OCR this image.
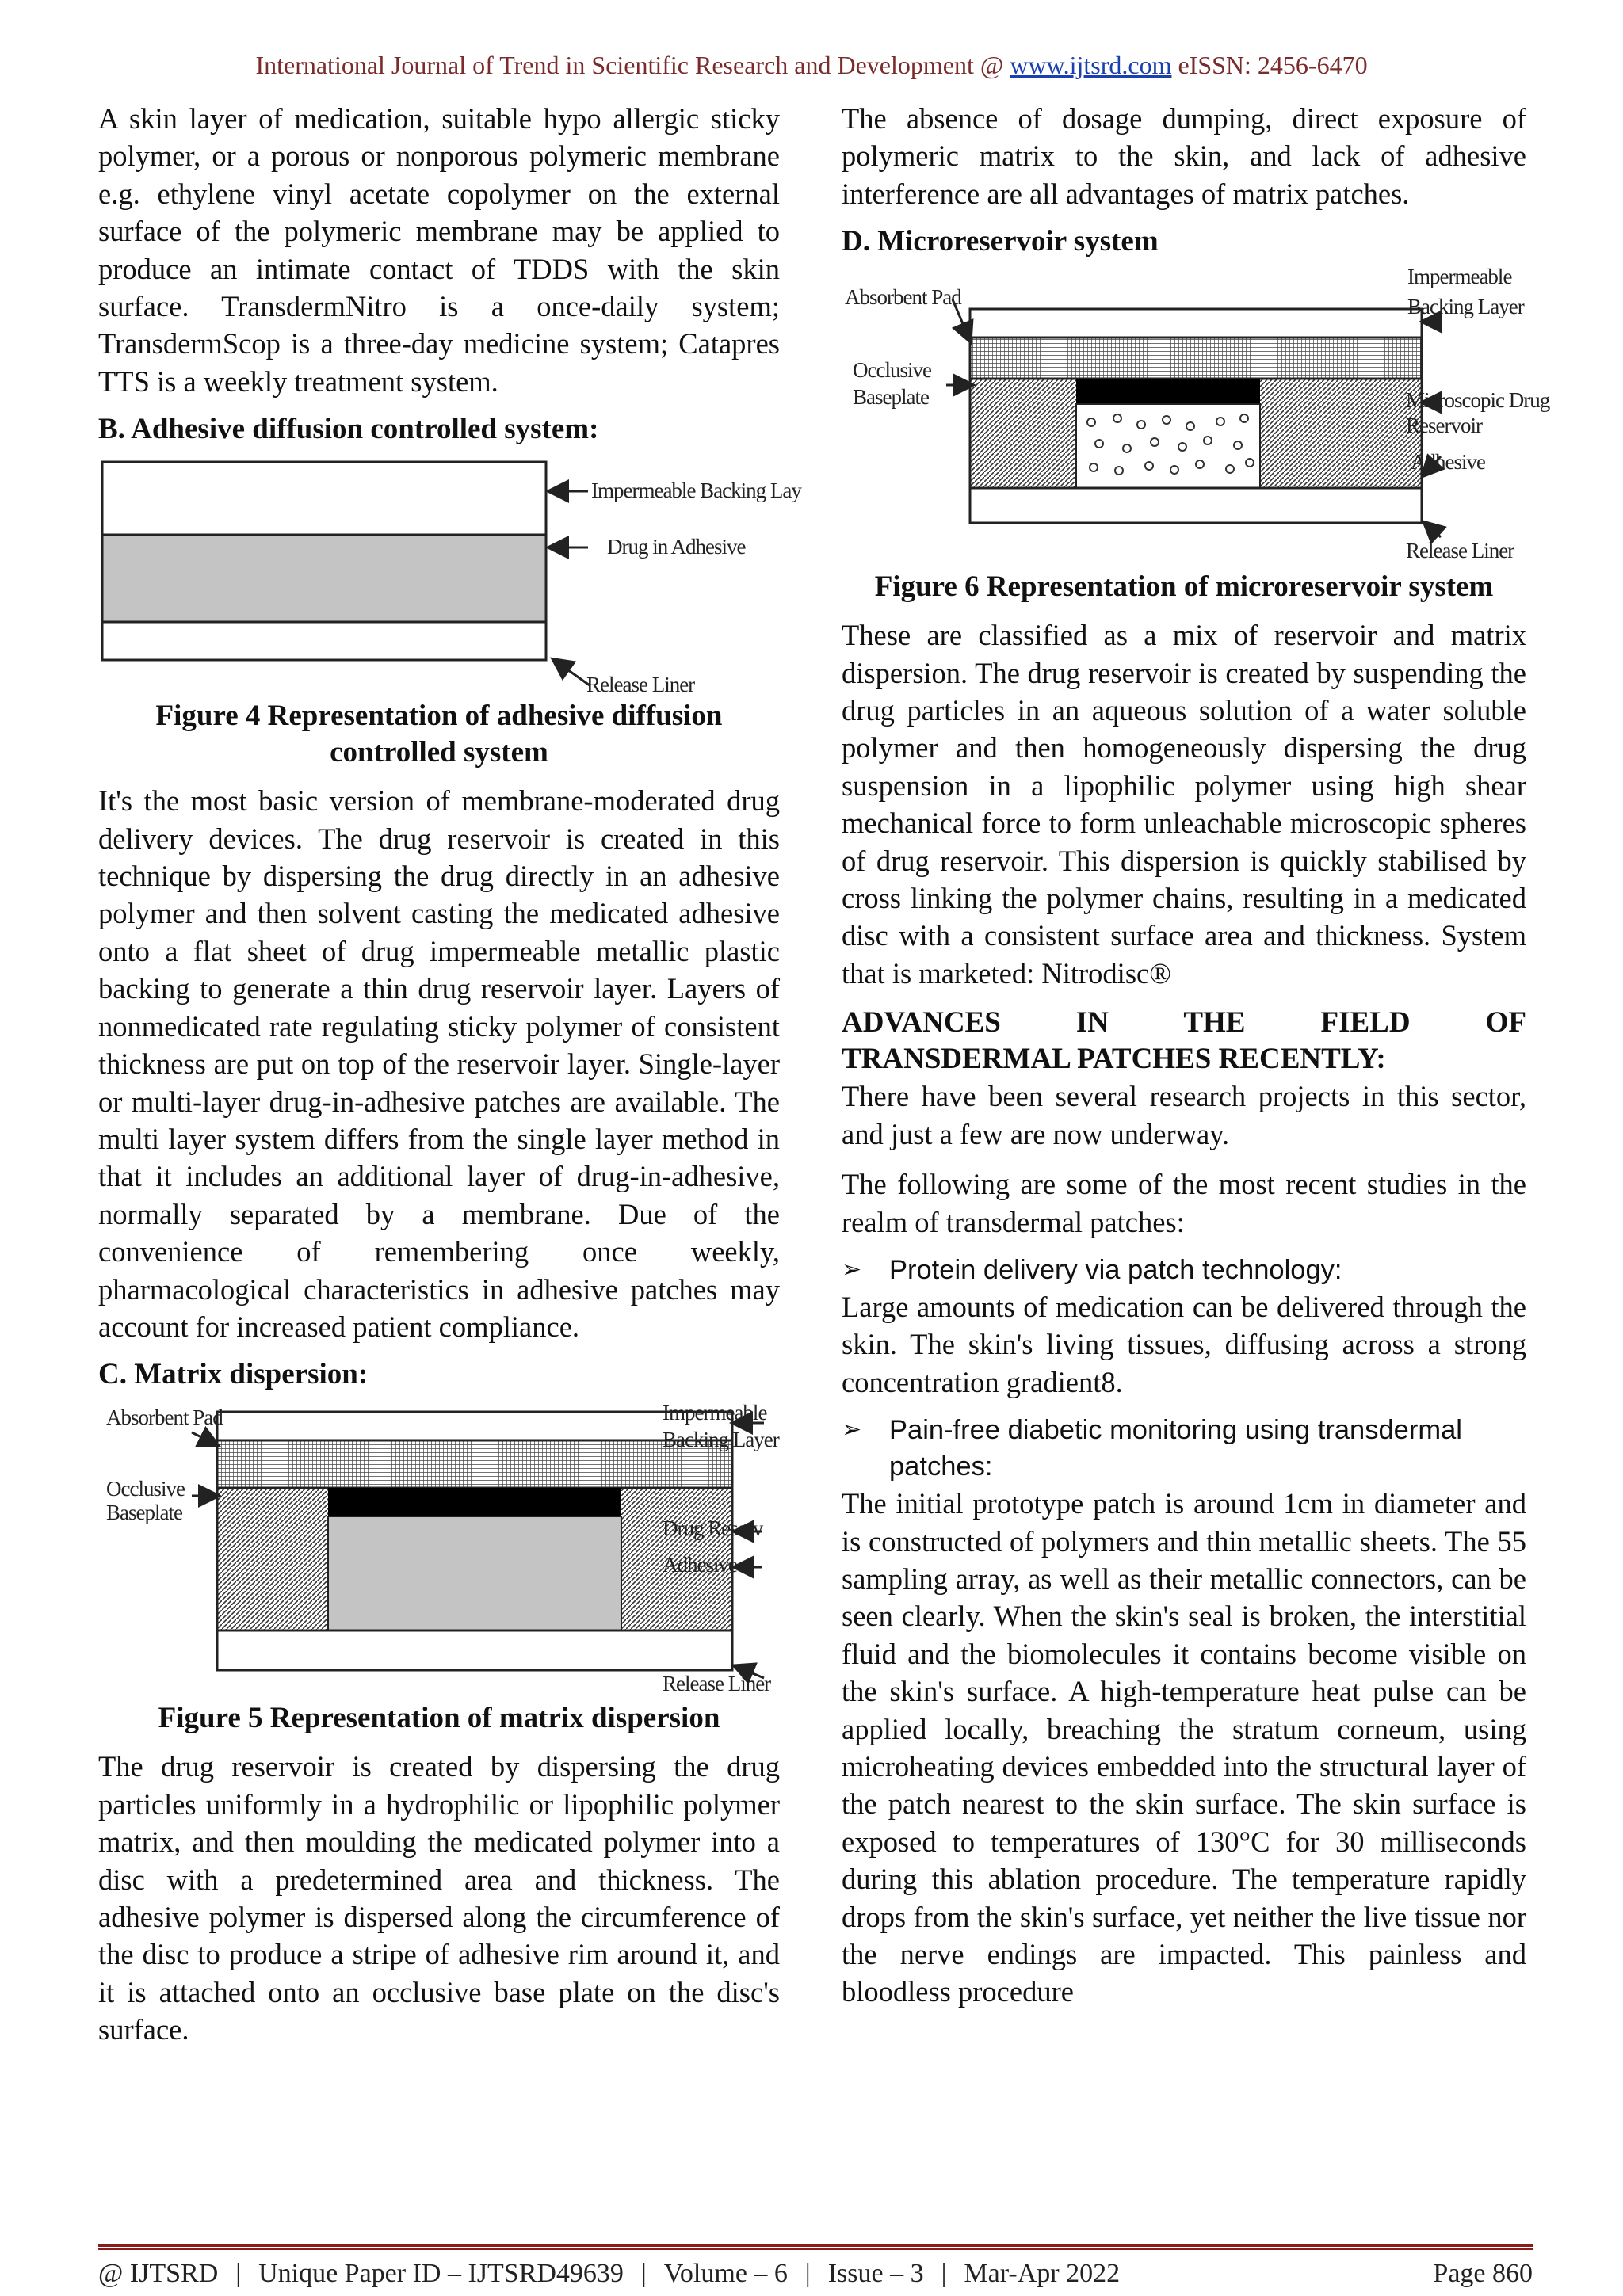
International Journal of Trend in Scientific Research and Development @ www.ijtsrd.com eISSN: 2456-6470

A skin layer of medication, suitable hypo allergic sticky polymer, or a porous or nonporous polymeric membrane e.g. ethylene vinyl acetate copolymer on the external surface of the polymeric membrane may be applied to produce an intimate contact of TDDS with the skin surface. TransdermNitro is a once-daily system; TransdermScop is a three-day medicine system; Catapres TTS is a weekly treatment system.

B. Adhesive diffusion controlled system:
Impermeable Backing Lay
Drug in Adhesive
Release Liner
Figure 4 Representation of adhesive diffusion controlled system

It's the most basic version of membrane-moderated drug delivery devices. The drug reservoir is created in this technique by dispersing the drug directly in an adhesive polymer and then solvent casting the medicated adhesive onto a flat sheet of drug impermeable metallic plastic backing to generate a thin drug reservoir layer. Layers of nonmedicated rate regulating sticky polymer of consistent thickness are put on top of the reservoir layer. Single-layer or multi-layer drug-in-adhesive patches are available. The multi layer system differs from the single layer method in that it includes an additional layer of drug-in-adhesive, normally separated by a membrane. Due of the convenience of remembering once weekly, pharmacological characteristics in adhesive patches may account for increased patient compliance.

C. Matrix dispersion:
Absorbent Pad
Occlusive
Baseplate
Impermeable
Backing Layer
Drug Reserv
Adhesive
Release Liner
Figure 5 Representation of matrix dispersion

The drug reservoir is created by dispersing the drug particles uniformly in a hydrophilic or lipophilic polymer matrix, and then moulding the medicated polymer into a disc with a predetermined area and thickness. The adhesive polymer is dispersed along the circumference of the disc to produce a stripe of adhesive rim around it, and it is attached onto an occlusive base plate on the disc's surface.

The absence of dosage dumping, direct exposure of polymeric matrix to the skin, and lack of adhesive interference are all advantages of matrix patches.

D. Microreservoir system
Absorbent Pad
Occlusive
Baseplate
Impermeable
Backing Layer
Microscopic Drug
Reservoir
Adhesive
Release Liner
Figure 6 Representation of microreservoir system

These are classified as a mix of reservoir and matrix dispersion. The drug reservoir is created by suspending the drug particles in an aqueous solution of a water soluble polymer and then homogeneously dispersing the drug suspension in a lipophilic polymer using high shear mechanical force to form unleachable microscopic spheres of drug reservoir. This dispersion is quickly stabilised by cross linking the polymer chains, resulting in a medicated disc with a consistent surface area and thickness. System that is marketed: Nitrodisc®

ADVANCES IN THE FIELD OF
TRANSDERMAL PATCHES RECENTLY:

There have been several research projects in this sector, and just a few are now underway.

The following are some of the most recent studies in the realm of transdermal patches:

➢	Protein delivery via patch technology:

Large amounts of medication can be delivered through the skin. The skin's living tissues, diffusing across a strong concentration gradient8.

➢	Pain-free diabetic monitoring using transdermal patches:

The initial prototype patch is around 1cm in diameter and is constructed of polymers and thin metallic sheets. The 55 sampling array, as well as their metallic connectors, can be seen clearly. When the skin's seal is broken, the interstitial fluid and the biomolecules it contains become visible on the skin's surface. A high-temperature heat pulse can be applied locally, breaching the stratum corneum, using microheating devices embedded into the structural layer of the patch nearest to the skin surface. The skin surface is exposed to temperatures of 130°C for 30 milliseconds during this ablation procedure. The temperature rapidly drops from the skin's surface, yet neither the live tissue nor the nerve endings are impacted. This painless and bloodless procedure

@ IJTSRD | Unique Paper ID – IJTSRD49639 | Volume – 6 | Issue – 3 | Mar-Apr 2022	Page 860
